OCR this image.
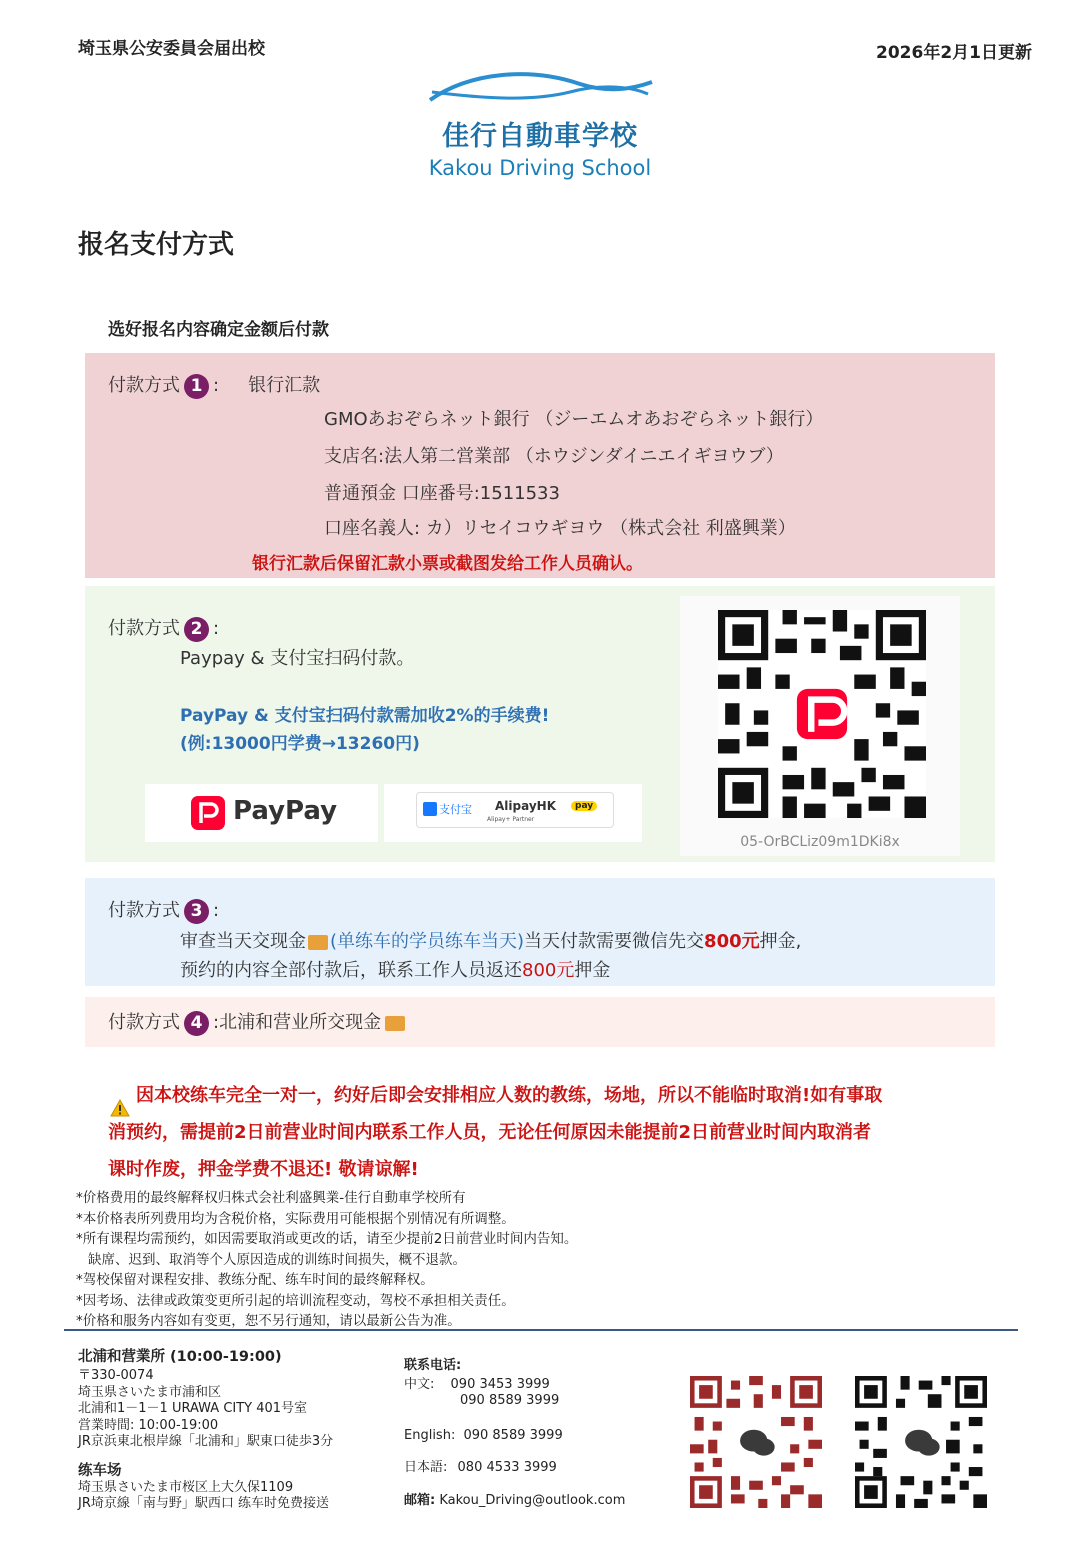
埼玉県公安委員会届出校	2026年2月1日更新
佳行自動車学校
Kakou Driving School
报名支付方式
选好报名内容确定金额后付款
付款方式 1 : 银行汇款
GMOあおぞらネット銀行 （ジーエムオあおぞらネット銀行）
支店名:法人第二営業部 （ホウジンダイニエイギヨウブ）
普通預金 口座番号:1511533
口座名義人: カ）リセイコウギヨウ （株式会社 利盛興業）
银行汇款后保留汇款小票或截图发给工作人员确认。
付款方式 2 :
Paypay & 支付宝扫码付款。
PayPay & 支付宝扫码付款需加收2%的手续费!
(例:13000円学费→13260円)
PayPay	支付宝 AlipayHK	pay
Alipay+ Partner
05-OrBCLiz09m1DKi8x
付款方式 3 :
审查当天交现金 (单练车的学员练车当天)当天付款需要微信先交800元押金,
预约的内容全部付款后，联系工作人员返还800元押金
付款方式 4 :北浦和营业所交现金
因本校练车完全一对一，约好后即会安排相应人数的教练，场地，所以不能临时取消!如有事取
消预约，需提前2日前营业时间内联系工作人员，无论任何原因未能提前2日前营业时间内取消者
课时作废，押金学费不退还! 敬请谅解!
*价格费用的最终解释权归株式会社利盛興業-佳行自動車学校所有
*本价格表所列费用均为含税价格，实际费用可能根据个别情况有所调整。
*所有课程均需预约，如因需要取消或更改的话，请至少提前2日前营业时间内告知。
缺席、迟到、取消等个人原因造成的训练时间损失，概不退款。
*驾校保留对课程安排、教练分配、练车时间的最终解释权。
*因考场、法律或政策变更所引起的培训流程变动，驾校不承担相关责任。
*价格和服务内容如有变更，恕不另行通知，请以最新公告为准。
北浦和营業所 (10:00-19:00)
〒330-0074
埼玉県さいたま市浦和区
北浦和1－1－1 URAWA CITY 401号室
営業時間: 10:00-19:00
JR京浜東北根岸線「北浦和」駅東口徒歩3分
练车场
埼玉県さいたま市桜区上大久保1109
JR埼京線「南与野」駅西口 练车时免费接送
联系电话:
中文: 090 3453 3999
090 8589 3999
English: 090 8589 3999
日本語: 080 4533 3999
邮箱: Kakou_Driving@outlook.com
